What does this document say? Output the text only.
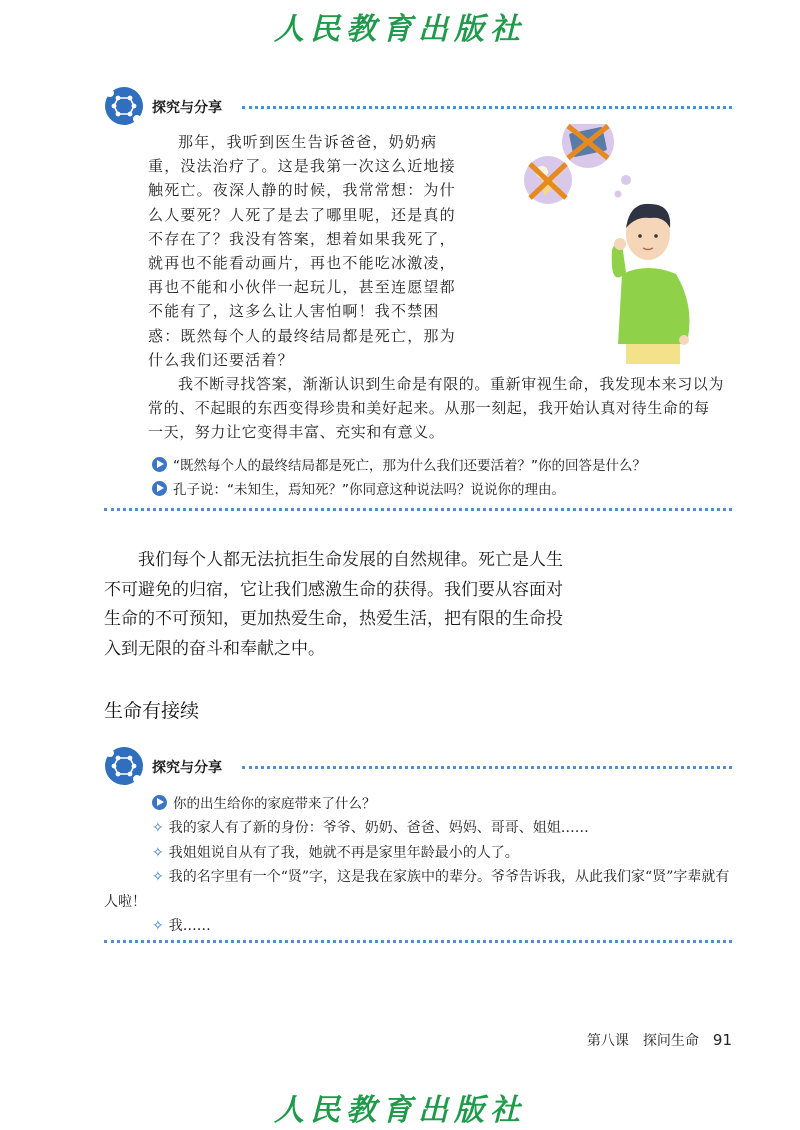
人民教育出版社
探究与分享
那年，我听到医生告诉爸爸，奶奶病重，没法治疗了。这是我第一次这么近地接触死亡。夜深人静的时候，我常常想：为什么人要死？人死了是去了哪里呢，还是真的不存在了？我没有答案，想着如果我死了，就再也不能看动画片，再也不能吃冰激凌，再也不能和小伙伴一起玩儿，甚至连愿望都不能有了，这多么让人害怕啊！我不禁困惑：既然每个人的最终结局都是死亡，那为什么我们还要活着？
我不断寻找答案，渐渐认识到生命是有限的。重新审视生命，我发现本来习以为常的、不起眼的东西变得珍贵和美好起来。从那一刻起，我开始认真对待生命的每一天，努力让它变得丰富、充实和有意义。
“既然每个人的最终结局都是死亡，那为什么我们还要活着？”你的回答是什么？
孔子说：“未知生，焉知死？”你同意这种说法吗？说说你的理由。
我们每个人都无法抗拒生命发展的自然规律。死亡是人生不可避免的归宿，它让我们感激生命的获得。我们要从容面对生命的不可预知，更加热爱生命，热爱生活，把有限的生命投入到无限的奋斗和奉献之中。
生命有接续
探究与分享
你的出生给你的家庭带来了什么？
✧ 我的家人有了新的身份：爷爷、奶奶、爸爸、妈妈、哥哥、姐姐……
✧ 我姐姐说自从有了我，她就不再是家里年龄最小的人了。
✧ 我的名字里有一个“贤”字，这是我在家族中的辈分。爷爷告诉我，从此我们家“贤”字辈就有人啦！
✧ 我……
第八课　探问生命 91
人民教育出版社
